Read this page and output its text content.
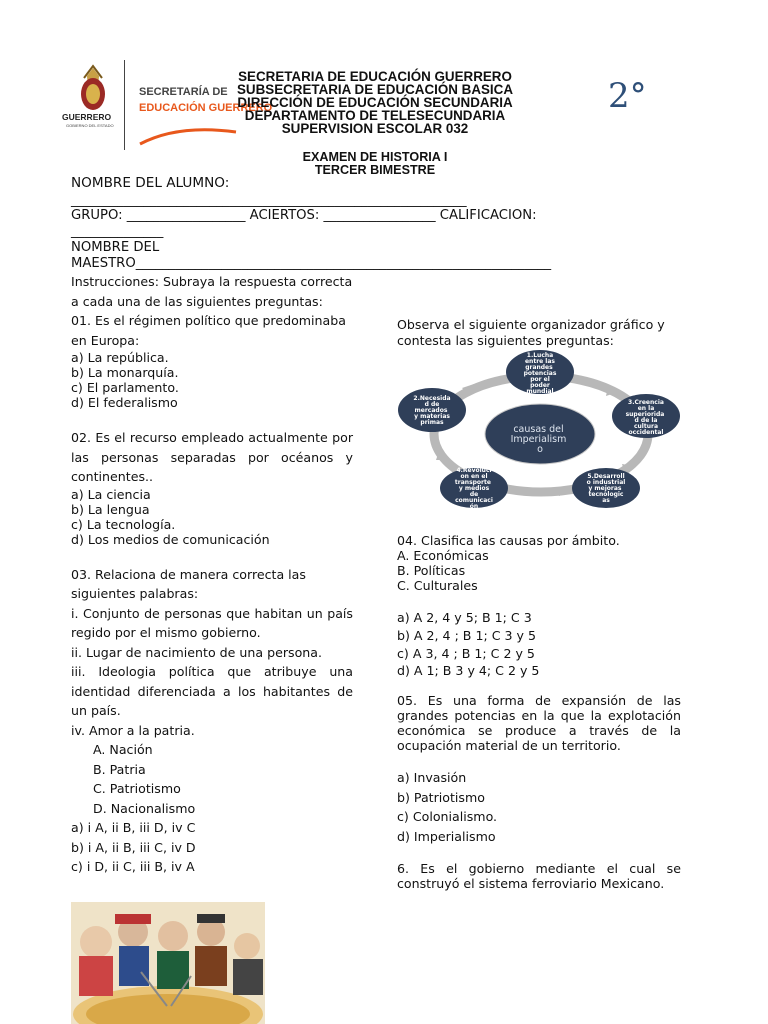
GUERRERO
GOBIERNO DEL ESTADO
SECRETARÍA DE
EDUCACIÓN GUERRERO
SECRETARIA DE EDUCACIÓN GUERRERO
SUBSECRETARIA DE EDUCACIÓN BASICA
DIRECCIÓN DE EDUCACIÓN SECUNDARIA
DEPARTAMENTO DE TELESECUNDARIA
SUPERVISION ESCOLAR 032
2°
EXAMEN DE HISTORIA I
TERCER BIMESTRE
NOMBRE DEL ALUMNO:
____________________________________________________________
GRUPO: __________________ ACIERTOS: _________________ CALIFICACION:
______________
NOMBRE DEL
MAESTRO_______________________________________________________________
Instrucciones: Subraya la respuesta correcta a cada una de las siguientes preguntas:
01. Es el régimen político que predominaba en Europa:
a) La república.
b) La monarquía.
c) El parlamento.
d) El federalismo
02. Es el recurso empleado actualmente por las personas separadas por océanos y continentes..
a) La ciencia
b) La lengua
c) La tecnología.
d) Los medios de comunicación
03. Relaciona de manera correcta las siguientes palabras:
i. Conjunto de personas que habitan un país regido por el mismo gobierno.
ii. Lugar de nacimiento de una persona.
iii. Ideologia política que atribuye una identidad diferenciada a los habitantes de un país.
iv. Amor a la patria.
A. Nación
B. Patria
C. Patriotismo
D. Nacionalismo
a) i A, ii B, iii D, iv C
b) i A, ii B, iii C, iv D
c) i D, ii C, iii B, iv A
Observa el siguiente organizador gráfico y contesta las siguientes preguntas:
causas del Imperialism o
1.Lucha entre las grandes potencias por el poder mundial
3.Creencia en la superiorida d de la cultura occidental
5.Desarroll o industrial y mejoras tecnologic as
4.Revolucí on en el transporte y medios de comunicaci ón
2.Necesida d de mercados y materias primas
04. Clasifica las causas por ámbito.
A. Económicas
B. Políticas
C. Culturales
a) A 2, 4 y 5; B 1; C 3
b) A 2, 4 ; B 1; C 3 y 5
c) A 3, 4 ; B 1; C 2 y 5
d) A 1; B 3 y 4; C 2 y 5
05. Es una forma de expansión de las grandes potencias en la que la explotación económica se produce a través de la ocupación material de un territorio.
a) Invasión
b) Patriotismo
c) Colonialismo.
d) Imperialismo
6. Es el gobierno mediante el cual se construyó el sistema ferroviario Mexicano.
